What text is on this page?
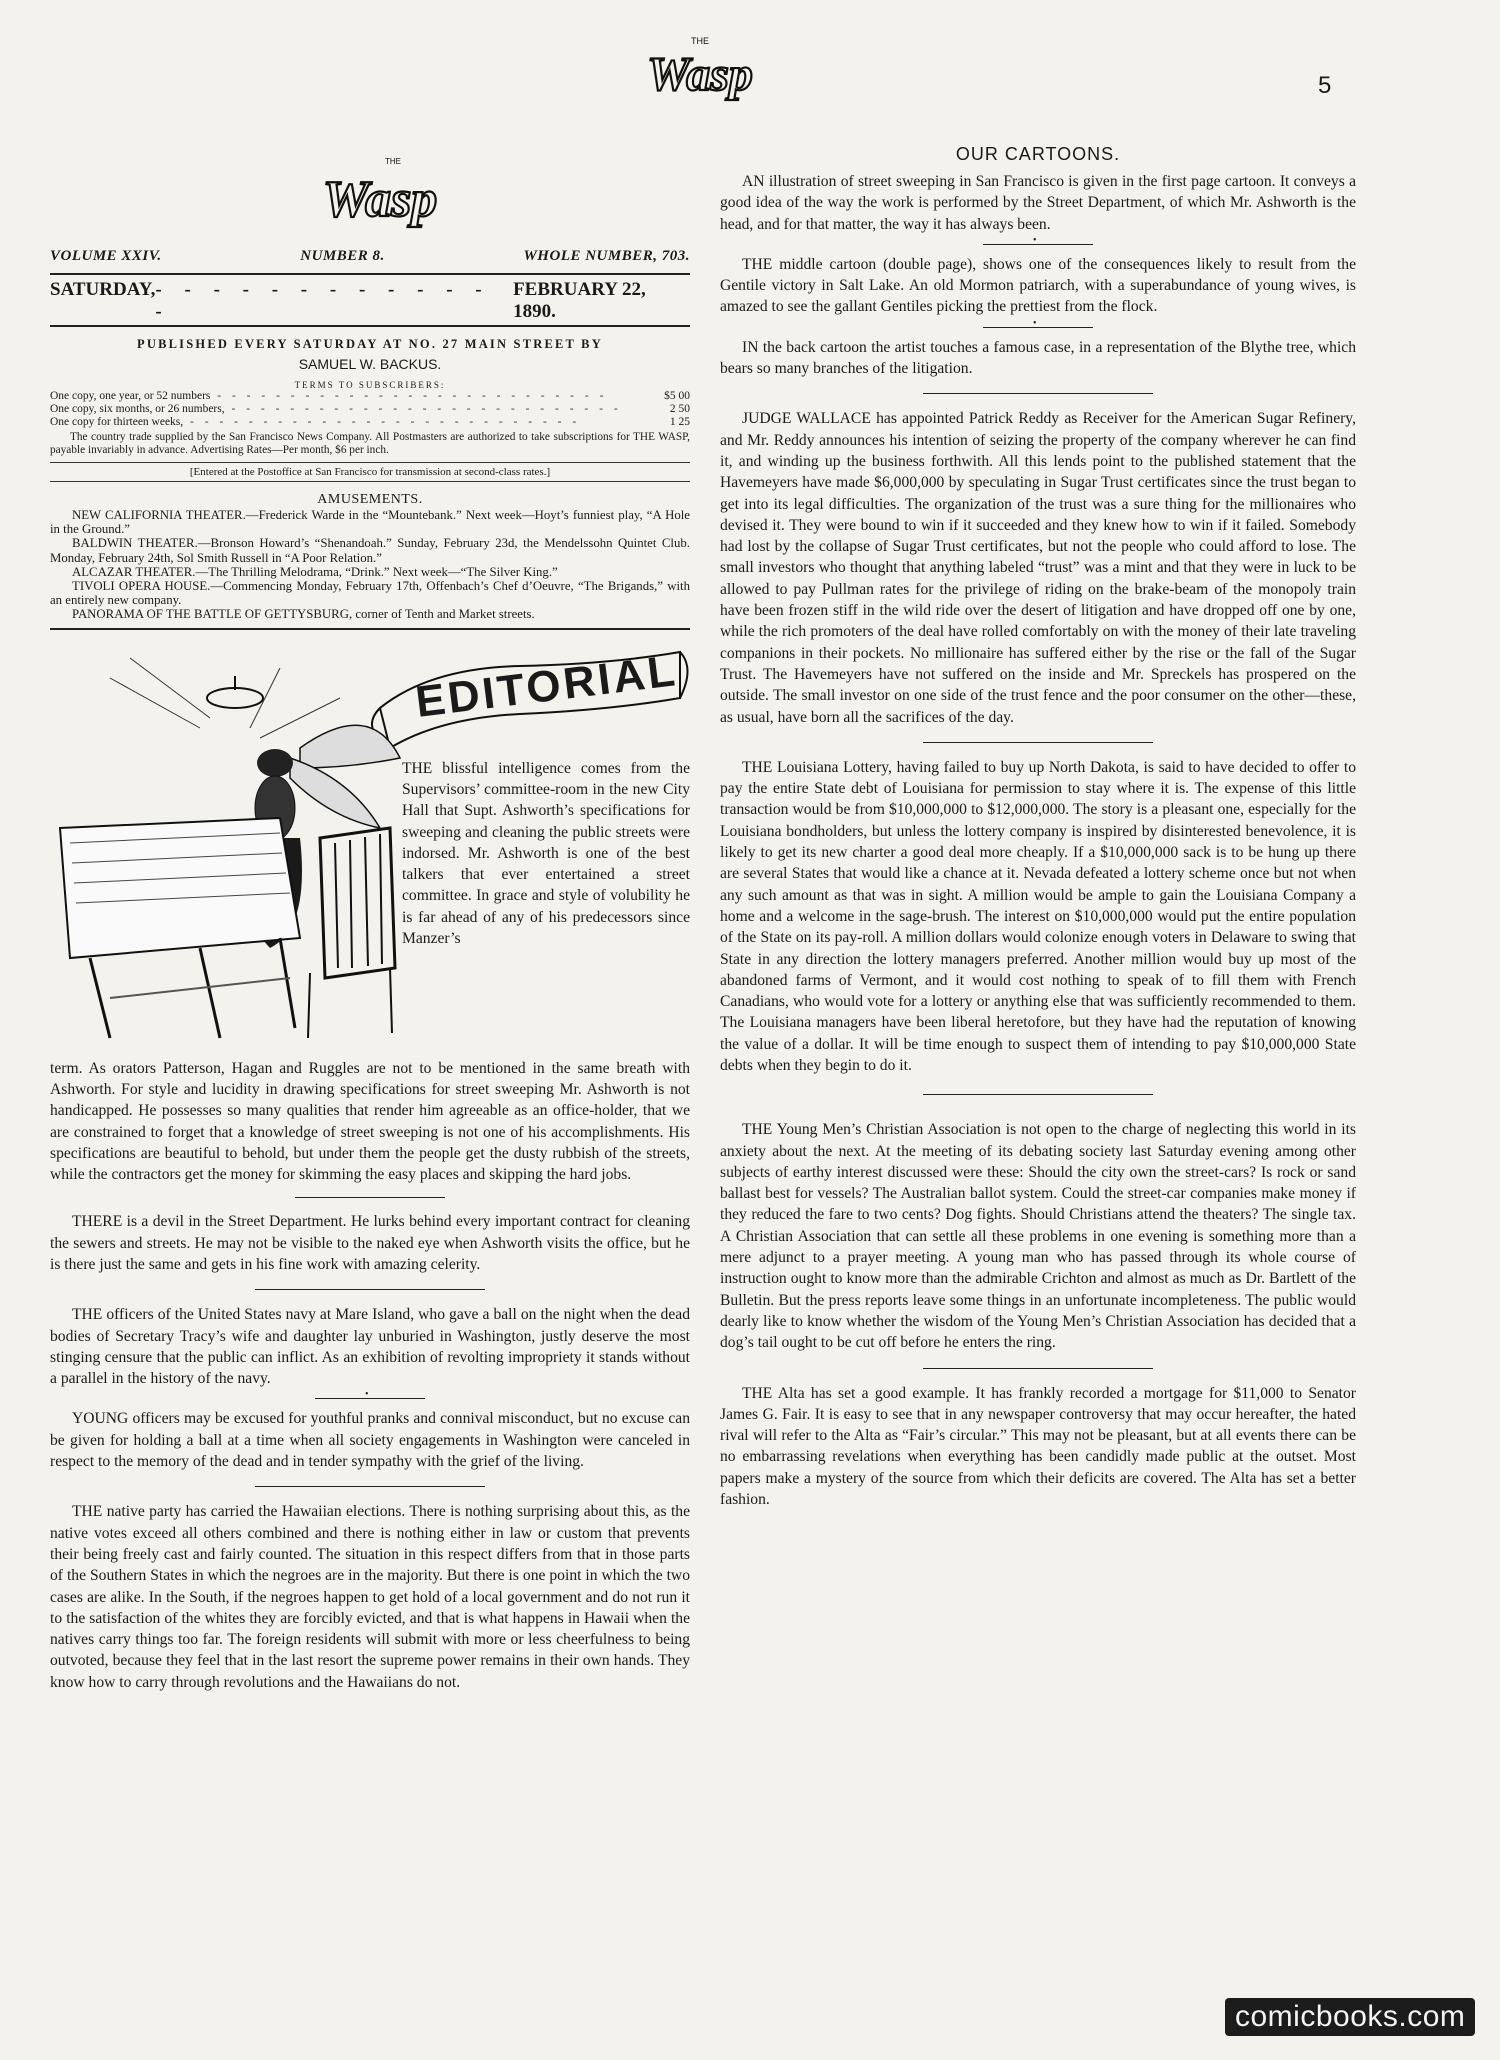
THE
Wasp	5
THE
Wasp
VOLUME XXIV.	NUMBER 8.	WHOLE NUMBER, 703.
SATURDAY, - - - - - - - - - - - - -
FEBRUARY 22, 1890.
PUBLISHED EVERY SATURDAY AT NO. 27 MAIN STREET BY
SAMUEL W. BACKUS.
TERMS TO SUBSCRIBERS:
One copy, one year, or 52 numbers - - - - - - - - - - - - - - - - - - - - - - - - - - -	$5 00
One copy, six months, or 26 numbers, - - - - - - - - - - - - - - - - - - - - - - - - - - -	2 50
One copy for thirteen weeks, - - - - - - - - - - - - - - - - - - - - - - - - - - -	1 25

The country trade supplied by the San Francisco News Company. All Postmasters are authorized to take subscriptions for THE WASP, payable invariably in advance. Advertising Rates—Per month, $6 per inch.

[Entered at the Postoffice at San Francisco for transmission at second-class rates.]
AMUSEMENTS.

NEW CALIFORNIA THEATER.—Frederick Warde in the “Mountebank.” Next week—Hoyt’s funniest play, “A Hole in the Ground.”

BALDWIN THEATER.—Bronson Howard’s “Shenandoah.” Sunday, February 23d, the Mendelssohn Quintet Club. Monday, February 24th, Sol Smith Russell in “A Poor Relation.”

ALCAZAR THEATER.—The Thrilling Melodrama, “Drink.” Next week—“The Silver King.”

TIVOLI OPERA HOUSE.—Commencing Monday, February 17th, Offenbach’s Chef d’Oeuvre, “The Brigands,” with an entirely new company.

PANORAMA OF THE BATTLE OF GETTYSBURG, corner of Tenth and Market streets.

EDITORIAL

THE blissful intelligence comes from the Supervisors’ committee-room in the new City Hall that Supt. Ashworth’s specifications for sweeping and cleaning the public streets were indorsed. Mr. Ashworth is one of the best talkers that ever entertained a street committee. In grace and style of volubility he is far ahead of any of his predecessors since Manzer’s

term. As orators Patterson, Hagan and Ruggles are not to be mentioned in the same breath with Ashworth. For style and lucidity in drawing specifications for street sweeping Mr. Ashworth is not handicapped. He possesses so many qualities that render him agreeable as an office-holder, that we are constrained to forget that a knowledge of street sweeping is not one of his accomplishments. His specifications are beautiful to behold, but under them the people get the dusty rubbish of the streets, while the contractors get the money for skimming the easy places and skipping the hard jobs.

THERE is a devil in the Street Department. He lurks behind every important contract for cleaning the sewers and streets. He may not be visible to the naked eye when Ashworth visits the office, but he is there just the same and gets in his fine work with amazing celerity.

THE officers of the United States navy at Mare Island, who gave a ball on the night when the dead bodies of Secretary Tracy’s wife and daughter lay unburied in Washington, justly deserve the most stinging censure that the public can inflict. As an exhibition of revolting impropriety it stands without a parallel in the history of the navy.

•

YOUNG officers may be excused for youthful pranks and connival misconduct, but no excuse can be given for holding a ball at a time when all society engagements in Washington were canceled in respect to the memory of the dead and in tender sympathy with the grief of the living.

THE native party has carried the Hawaiian elections. There is nothing surprising about this, as the native votes exceed all others combined and there is nothing either in law or custom that prevents their being freely cast and fairly counted. The situation in this respect differs from that in those parts of the Southern States in which the negroes are in the majority. But there is one point in which the two cases are alike. In the South, if the negroes happen to get hold of a local government and do not run it to the satisfaction of the whites they are forcibly evicted, and that is what happens in Hawaii when the natives carry things too far. The foreign residents will submit with more or less cheerfulness to being outvoted, because they feel that in the last resort the supreme power remains in their own hands. They know how to carry through revolutions and the Hawaiians do not.

OUR CARTOONS.

AN illustration of street sweeping in San Francisco is given in the first page cartoon. It conveys a good idea of the way the work is performed by the Street Department, of which Mr. Ashworth is the head, and for that matter, the way it has always been.

•

THE middle cartoon (double page), shows one of the consequences likely to result from the Gentile victory in Salt Lake. An old Mormon patriarch, with a superabundance of young wives, is amazed to see the gallant Gentiles picking the prettiest from the flock.

•

IN the back cartoon the artist touches a famous case, in a representation of the Blythe tree, which bears so many branches of the litigation.

JUDGE WALLACE has appointed Patrick Reddy as Receiver for the American Sugar Refinery, and Mr. Reddy announces his intention of seizing the property of the company wherever he can find it, and winding up the business forthwith. All this lends point to the published statement that the Havemeyers have made $6,000,000 by speculating in Sugar Trust certificates since the trust began to get into its legal difficulties. The organization of the trust was a sure thing for the millionaires who devised it. They were bound to win if it succeeded and they knew how to win if it failed. Somebody had lost by the collapse of Sugar Trust certificates, but not the people who could afford to lose. The small investors who thought that anything labeled “trust” was a mint and that they were in luck to be allowed to pay Pullman rates for the privilege of riding on the brake-beam of the monopoly train have been frozen stiff in the wild ride over the desert of litigation and have dropped off one by one, while the rich promoters of the deal have rolled comfortably on with the money of their late traveling companions in their pockets. No millionaire has suffered either by the rise or the fall of the Sugar Trust. The Havemeyers have not suffered on the inside and Mr. Spreckels has prospered on the outside. The small investor on one side of the trust fence and the poor consumer on the other—these, as usual, have born all the sacrifices of the day.

THE Louisiana Lottery, having failed to buy up North Dakota, is said to have decided to offer to pay the entire State debt of Louisiana for permission to stay where it is. The expense of this little transaction would be from $10,000,000 to $12,000,000. The story is a pleasant one, especially for the Louisiana bondholders, but unless the lottery company is inspired by disinterested benevolence, it is likely to get its new charter a good deal more cheaply. If a $10,000,000 sack is to be hung up there are several States that would like a chance at it. Nevada defeated a lottery scheme once but not when any such amount as that was in sight. A million would be ample to gain the Louisiana Company a home and a welcome in the sage-brush. The interest on $10,000,000 would put the entire population of the State on its pay-roll. A million dollars would colonize enough voters in Delaware to swing that State in any direction the lottery managers preferred. Another million would buy up most of the abandoned farms of Vermont, and it would cost nothing to speak of to fill them with French Canadians, who would vote for a lottery or anything else that was sufficiently recommended to them. The Louisiana managers have been liberal heretofore, but they have had the reputation of knowing the value of a dollar. It will be time enough to suspect them of intending to pay $10,000,000 State debts when they begin to do it.

THE Young Men’s Christian Association is not open to the charge of neglecting this world in its anxiety about the next. At the meeting of its debating society last Saturday evening among other subjects of earthy interest discussed were these: Should the city own the street-cars? Is rock or sand ballast best for vessels? The Australian ballot system. Could the street-car companies make money if they reduced the fare to two cents? Dog fights. Should Christians attend the theaters? The single tax. A Christian Association that can settle all these problems in one evening is something more than a mere adjunct to a prayer meeting. A young man who has passed through its whole course of instruction ought to know more than the admirable Crichton and almost as much as Dr. Bartlett of the Bulletin. But the press reports leave some things in an unfortunate incompleteness. The public would dearly like to know whether the wisdom of the Young Men’s Christian Association has decided that a dog’s tail ought to be cut off before he enters the ring.

THE Alta has set a good example. It has frankly recorded a mortgage for $11,000 to Senator James G. Fair. It is easy to see that in any newspaper controversy that may occur hereafter, the hated rival will refer to the Alta as “Fair’s circular.” This may not be pleasant, but at all events there can be no embarrassing revelations when everything has been candidly made public at the outset. Most papers make a mystery of the source from which their deficits are covered. The Alta has set a better fashion.

comicbooks.com
